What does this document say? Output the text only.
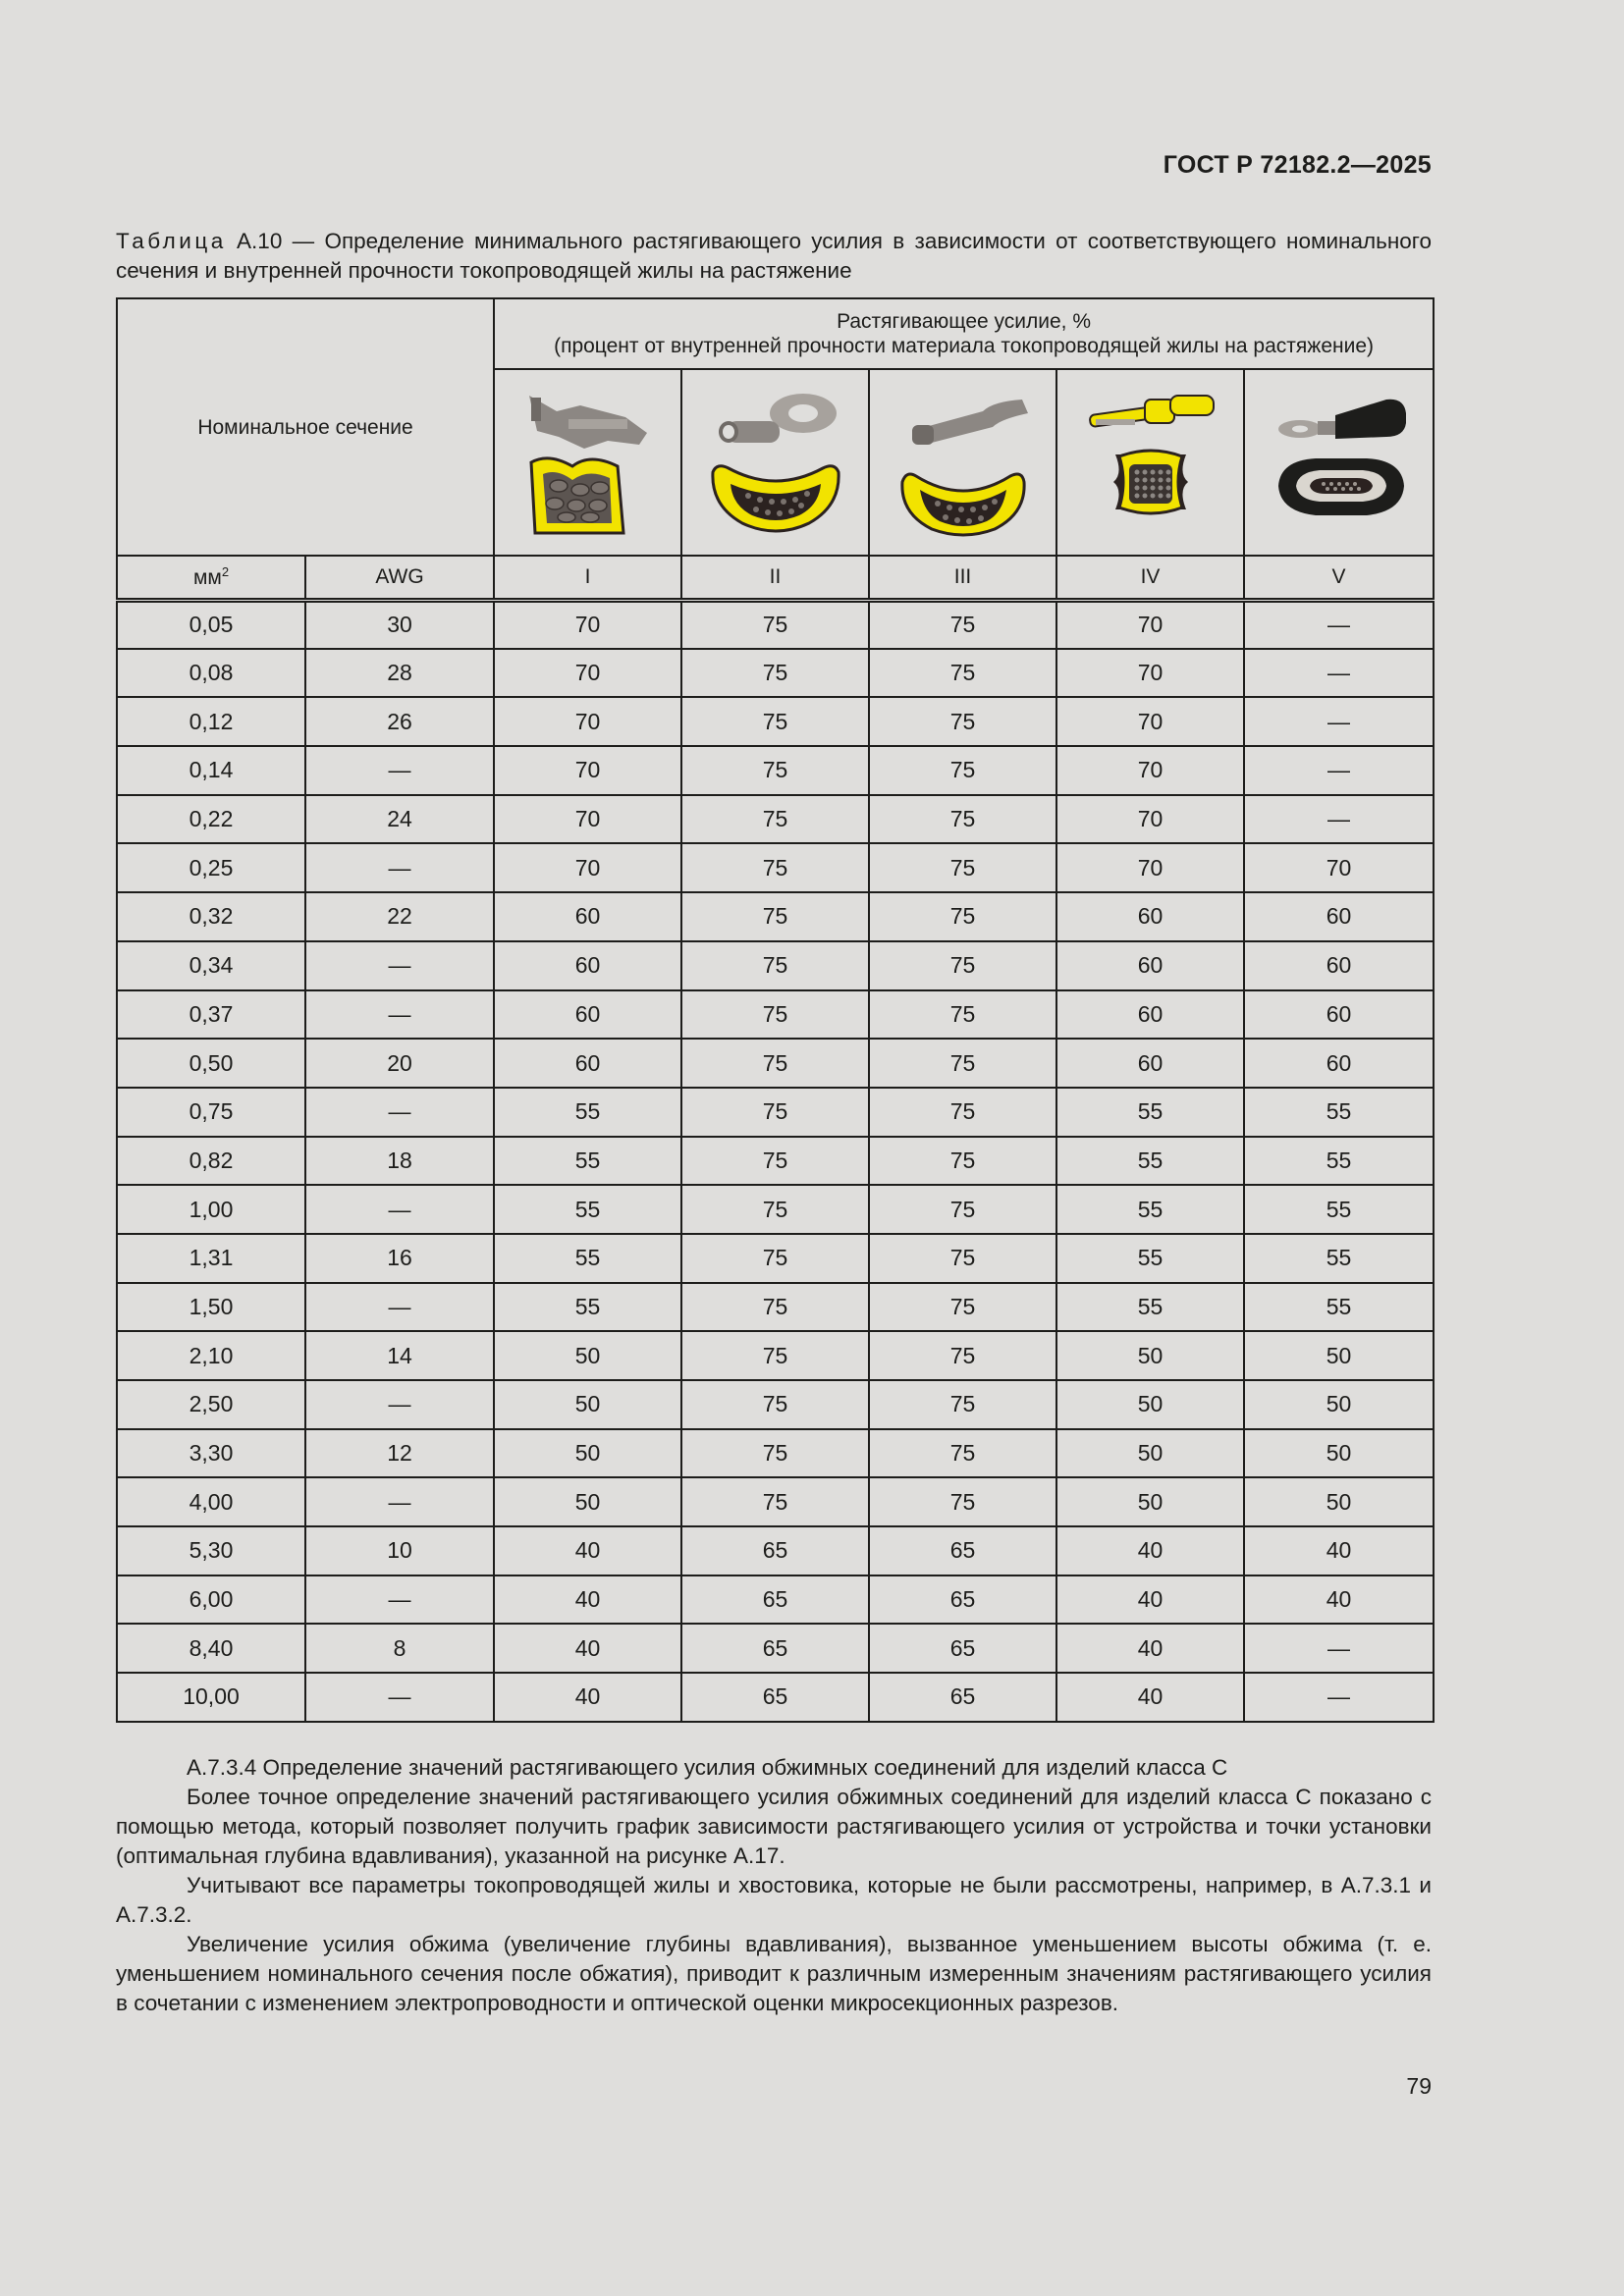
ГОСТ Р 72182.2—2025
Таблица А.10 — Определение минимального растягивающего усилия в зависимости от соответствующего номинального сечения и внутренней прочности токопроводящей жилы на растяжение
Номинальное сечение		Растягивающее усилие, %
(процент от внутренней прочности материала токопроводящей жилы на растяжение)				

$мм^2$	AWG	I	II	III	IV	V
0,05	30	70	75	75	70	—
0,08	28	70	75	75	70	—
0,12	26	70	75	75	70	—
0,14	—	70	75	75	70	—
0,22	24	70	75	75	70	—
0,25	—	70	75	75	70	70
0,32	22	60	75	75	60	60
0,34	—	60	75	75	60	60
0,37	—	60	75	75	60	60
0,50	20	60	75	75	60	60
0,75	—	55	75	75	55	55
0,82	18	55	75	75	55	55
1,00	—	55	75	75	55	55
1,31	16	55	75	75	55	55
1,50	—	55	75	75	55	55
2,10	14	50	75	75	50	50
2,50	—	50	75	75	50	50
3,30	12	50	75	75	50	50
4,00	—	50	75	75	50	50
5,30	10	40	65	65	40	40
6,00	—	40	65	65	40	40
8,40	8	40	65	65	40	—
10,00	—	40	65	65	40	—

А.7.3.4 Определение значений растягивающего усилия обжимных соединений для изделий класса C

Более точное определение значений растягивающего усилия обжимных соединений для изделий класса C показано с помощью метода, который позволяет получить график зависимости растягивающего усилия от устройства и точки установки (оптимальная глубина вдавливания), указанной на рисунке А.17.

Учитывают все параметры токопроводящей жилы и хвостовика, которые не были рассмотрены, например, в А.7.3.1 и А.7.3.2.

Увеличение усилия обжима (увеличение глубины вдавливания), вызванное уменьшением высоты обжима (т. е. уменьшением номинального сечения после обжатия), приводит к различным измеренным значениям растягивающего усилия в сочетании с изменением электропроводности и оптической оценки микросекционных разрезов.

79
